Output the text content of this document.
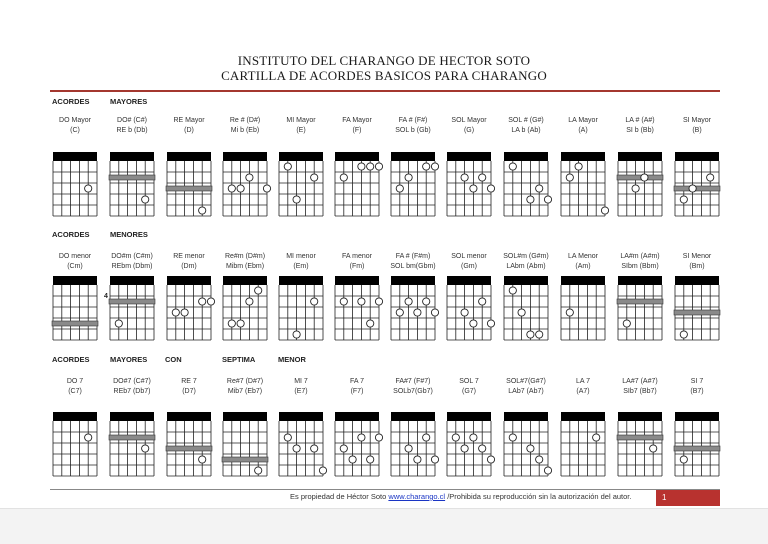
INSTITUTO DEL CHARANGO DE HECTOR SOTO
CARTILLA DE ACORDES BASICOS PARA CHARANGO
ACORDES	MAYORES
DO Mayor
(C)
DO# (C#)
RE b (Db)
RE Mayor
(D)
Re # (D#)
Mi b (Eb)
MI Mayor
(E)
FA Mayor
(F)
FA # (F#)
SOL b (Gb)
SOL Mayor
(G)
SOL # (G#)
LA b (Ab)
LA Mayor
(A)
LA # (A#)
SI b (Bb)
SI Mayor
(B)
ACORDES	MENORES
DO menor
(Cm)
DO#m (C#m)
REbm (Dbm)
4
RE menor
(Dm)
Re#m (D#m)
Mibm (Ebm)
MI menor
(Em)
FA menor
(Fm)
FA # (F#m)
SOL bm(Gbm)
SOL menor
(Gm)
SOL#m (G#m)
LAbm (Abm)
LA Menor
(Am)
LA#m (A#m)
SIbm (Bbm)
SI Menor
(Bm)
ACORDES	MAYORES CON	SEPTIMA	MENOR
DO 7
(C7)
DO#7 (C#7)
REb7 (Db7)
RE 7
(D7)
Re#7 (D#7)
Mib7 (Eb7)
MI 7
(E7)
FA 7
(F7)
FA#7 (F#7)
SOLb7(Gb7)
SOL 7
(G7)
SOL#7(G#7)
LAb7 (Ab7)
LA 7
(A7)
LA#7 (A#7)
SIb7 (Bb7)
SI 7
(B7)
Es propiedad de Héctor Soto www.charango.cl /Prohibida su reproducción sin la autorización del autor.	1
